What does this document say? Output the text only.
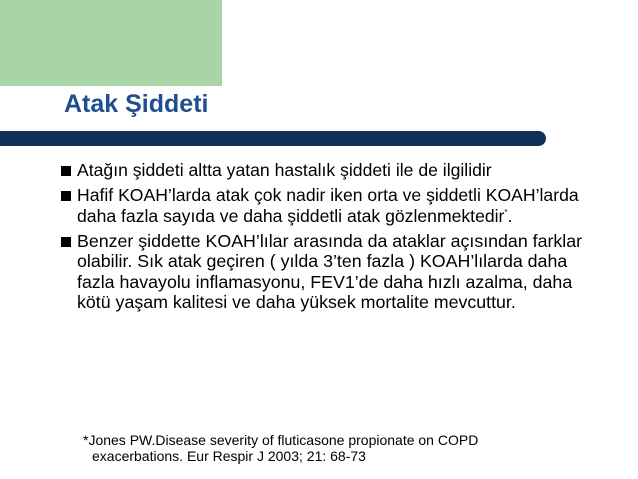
Atak Şiddeti
Atağın şiddeti altta yatan hastalık şiddeti ile de ilgilidir
Hafif KOAH’larda atak çok nadir iken orta ve şiddetli KOAH’larda daha fazla sayıda ve daha şiddetli atak gözlenmektedir*.
Benzer şiddette KOAH’lılar arasında da ataklar açısından farklar olabilir. Sık atak geçiren ( yılda 3’ten fazla ) KOAH’lılarda daha fazla havayolu inflamasyonu, FEV1’de daha hızlı azalma, daha kötü yaşam kalitesi ve daha yüksek mortalite mevcuttur.
*Jones PW.Disease severity of fluticasone propionate on COPD
exacerbations. Eur Respir J 2003; 21: 68-73
